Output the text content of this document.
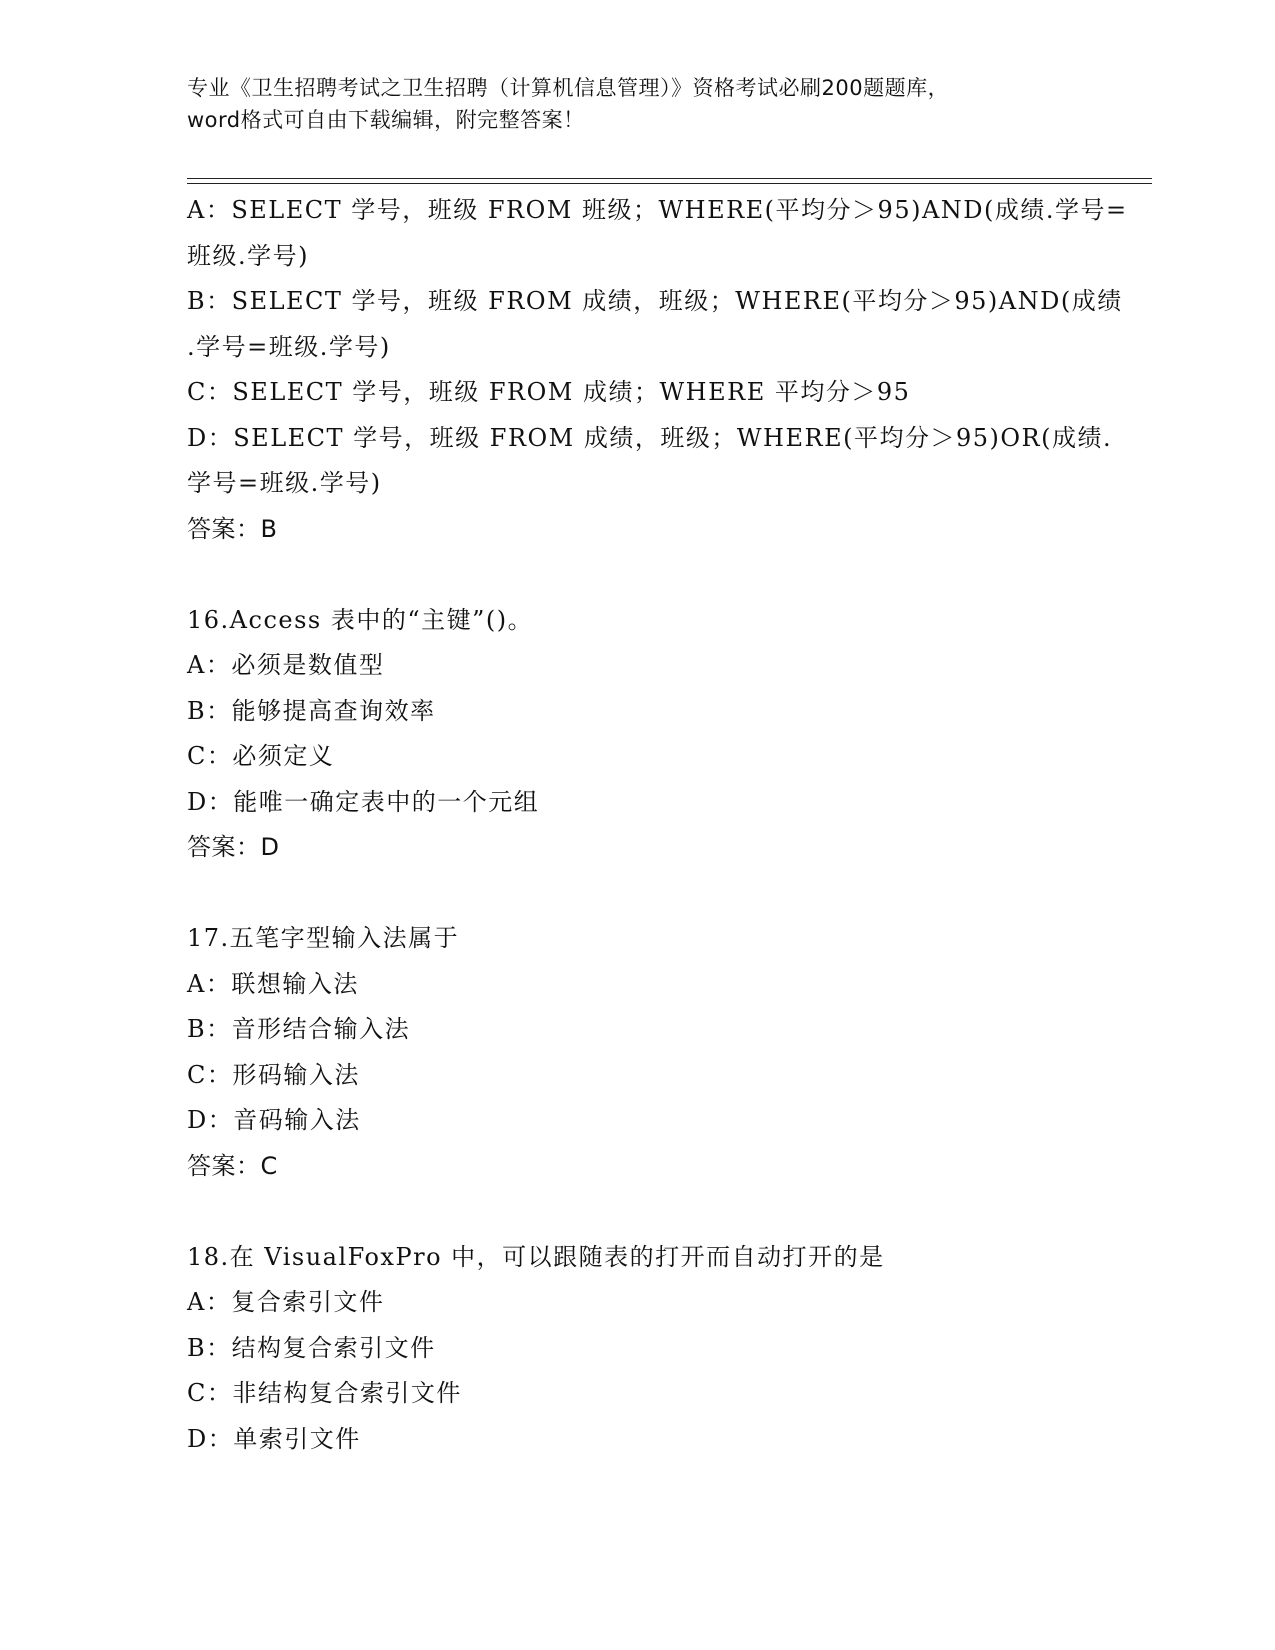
专业《卫生招聘考试之卫生招聘（计算机信息管理）》资格考试必刷200题题库，
word格式可自由下载编辑，附完整答案！
A：SELECT 学号，班级 FROM 班级；WHERE(平均分＞95)AND(成绩.学号=
班级.学号)
B：SELECT 学号，班级 FROM 成绩，班级；WHERE(平均分＞95)AND(成绩
.学号=班级.学号)
C：SELECT 学号，班级 FROM 成绩；WHERE 平均分＞95
D：SELECT 学号，班级 FROM 成绩，班级；WHERE(平均分＞95)OR(成绩.
学号=班级.学号)
答案：B
16.Access 表中的“主键”()。
A：必须是数值型
B：能够提高查询效率
C：必须定义
D：能唯一确定表中的一个元组
答案：D
17.五笔字型输入法属于
A：联想输入法
B：音形结合输入法
C：形码输入法
D：音码输入法
答案：C
18.在 VisualFoxPro 中，可以跟随表的打开而自动打开的是
A：复合索引文件
B：结构复合索引文件
C：非结构复合索引文件
D：单索引文件
